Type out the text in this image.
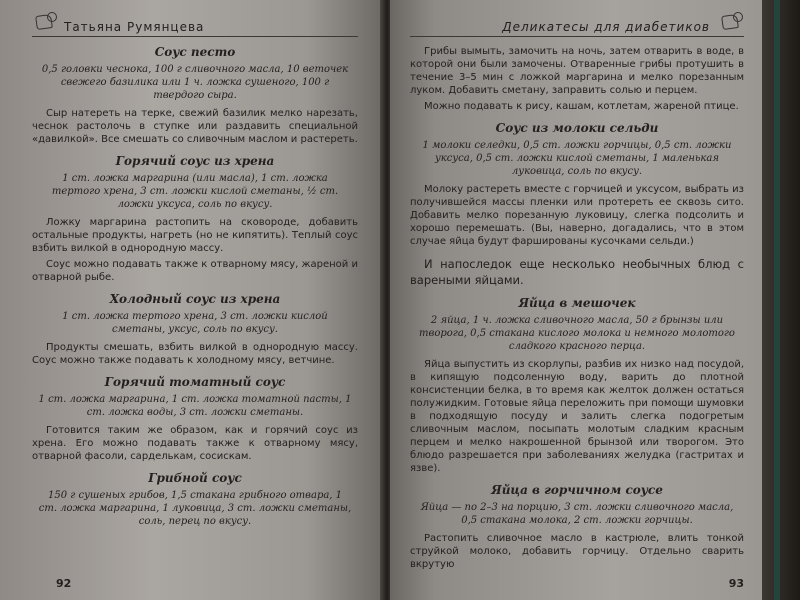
Татьяна Румянцева
Соус песто
0,5 головки чеснока, 100 г сливочного масла, 10 веточек свежего базилика или 1 ч. ложка сушеного, 100 г твердого сыра.

Сыр натереть на терке, свежий базилик мелко нарезать, чеснок растолочь в ступке или раздавить специальной «давилкой». Все смешать со сливочным маслом и растереть.

Горячий соус из хрена
1 ст. ложка маргарина (или масла), 1 ст. ложка тертого хрена, 3 ст. ложки кислой сметаны, ½ ст. ложки уксуса, соль по вкусу.

Ложку маргарина растопить на сковороде, добавить остальные продукты, нагреть (но не кипятить). Теплый соус взбить вилкой в однородную массу.

Соус можно подавать также к отварному мясу, жареной и отварной рыбе.

Холодный соус из хрена
1 ст. ложка тертого хрена, 3 ст. ложки кислой сметаны, уксус, соль по вкусу.

Продукты смешать, взбить вилкой в однородную массу. Соус можно также подавать к холодному мясу, ветчине.

Горячий томатный соус
1 ст. ложка маргарина, 1 ст. ложка томатной пасты, 1 ст. ложка воды, 3 ст. ложки сметаны.

Готовится таким же образом, как и горячий соус из хрена. Его можно подавать также к отварному мясу, отварной фасоли, сарделькам, сосискам.

Грибной соус
150 г сушеных грибов, 1,5 стакана грибного отвара, 1 ст. ложка маргарина, 1 луковица, 3 ст. ложки сметаны, соль, перец по вкусу.
92
Деликатесы для диабетиков

Грибы вымыть, замочить на ночь, затем отварить в воде, в которой они были замочены. Отваренные грибы протушить в течение 3–5 мин с ложкой маргарина и мелко порезанным луком. Добавить сметану, заправить солью и перцем.

Можно подавать к рису, кашам, котлетам, жареной птице.

Соус из молоки сельди
1 молоки селедки, 0,5 ст. ложки горчицы, 0,5 ст. ложки уксуса, 0,5 ст. ложки кислой сметаны, 1 маленькая луковица, соль по вкусу.

Молоку растереть вместе с горчицей и уксусом, выбрать из получившейся массы пленки или протереть ее сквозь сито. Добавить мелко порезанную луковицу, слегка подсолить и хорошо перемешать. (Вы, наверно, догадались, что в этом случае яйца будут фаршированы кусочками сельди.)

И напоследок еще несколько необычных блюд с вареными яйцами.

Яйца в мешочек
2 яйца, 1 ч. ложка сливочного масла, 50 г брынзы или творога, 0,5 стакана кислого молока и немного молотого сладкого красного перца.

Яйца выпустить из скорлупы, разбив их низко над посудой, в кипящую подсоленную воду, варить до плотной консистенции белка, в то время как желток должен остаться полужидким. Готовые яйца переложить при помощи шумовки в подходящую посуду и залить слегка подогретым сливочным маслом, посыпать молотым сладким красным перцем и мелко накрошенной брынзой или творогом. Это блюдо разрешается при заболеваниях желудка (гастритах и язве).

Яйца в горчичном соусе
Яйца — по 2–3 на порцию, 3 ст. ложки сливочного масла, 0,5 стакана молока, 2 ст. ложки горчицы.

Растопить сливочное масло в кастрюле, влить тонкой струйкой молоко, добавить горчицу. Отдельно сварить вкрутую

93
